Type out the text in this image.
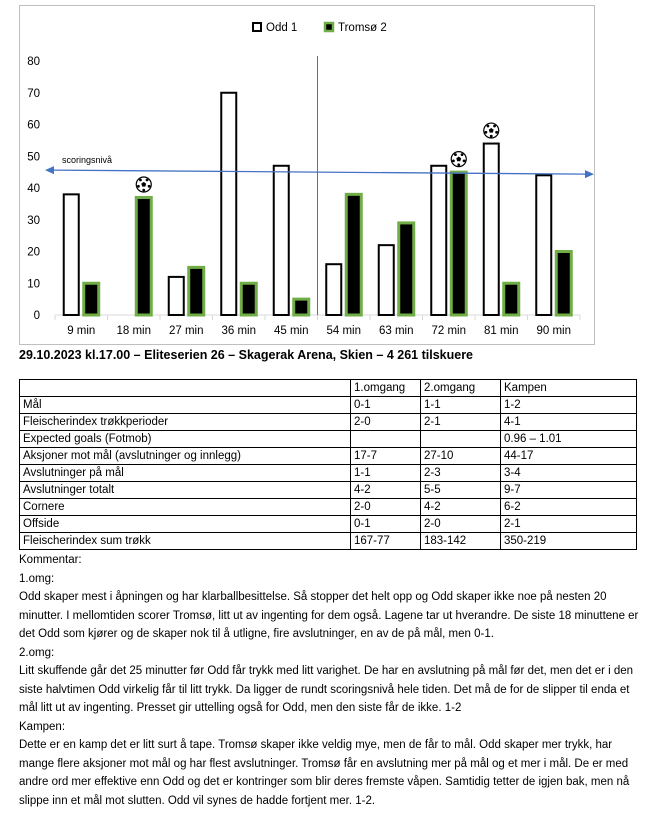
0
10
20
30
40
50
60
70
80
9 min 18 min 27 min 36 min 45 min 54 min 63 min 72 min 81 min 90 min
scoringsnivå
Odd 1	Tromsø 2
29.10.2023 kl.17.00 – Eliteserien 26 – Skagerak Arena, Skien – 4 261 tilskuere
	1.omgang	2.omgang	Kampen
Mål	0-1	1-1	1-2
Fleischerindex trøkkperioder	2-0	2-1	4-1
Expected goals (Fotmob)			0.96 – 1.01
Aksjoner mot mål (avslutninger og innlegg)	17-7	27-10	44-17
Avslutninger på mål	1-1	2-3	3-4
Avslutninger totalt	4-2	5-5	9-7
Cornere	2-0	4-2	6-2
Offside	0-1	2-0	2-1
Fleischerindex sum trøkk	167-77	183-142	350-219

Kommentar:

1.omg:

Odd skaper mest i åpningen og har klarballbesittelse. Så stopper det helt opp og Odd skaper ikke noe på nesten 20 minutter. I mellomtiden scorer Tromsø, litt ut av ingenting for dem også. Lagene tar ut hverandre. De siste 18 minuttene er det Odd som kjører og de skaper nok til å utligne, fire avslutninger, en av de på mål, men 0-1.

2.omg:

Litt skuffende går det 25 minutter før Odd får trykk med litt varighet. De har en avslutning på mål før det, men det er i den siste halvtimen Odd virkelig får til litt trykk. Da ligger de rundt scoringsnivå hele tiden. Det må de for de slipper til enda et mål litt ut av ingenting. Presset gir uttelling også for Odd, men den siste får de ikke. 1-2

Kampen:

Dette er en kamp det er litt surt å tape. Tromsø skaper ikke veldig mye, men de får to mål. Odd skaper mer trykk, har mange flere aksjoner mot mål og har flest avslutninger. Tromsø får en avslutning mer på mål og et mer i mål. De er med andre ord mer effektive enn Odd og det er kontringer som blir deres fremste våpen. Samtidig tetter de igjen bak, men nå slippe inn et mål mot slutten. Odd vil synes de hadde fortjent mer. 1-2.
